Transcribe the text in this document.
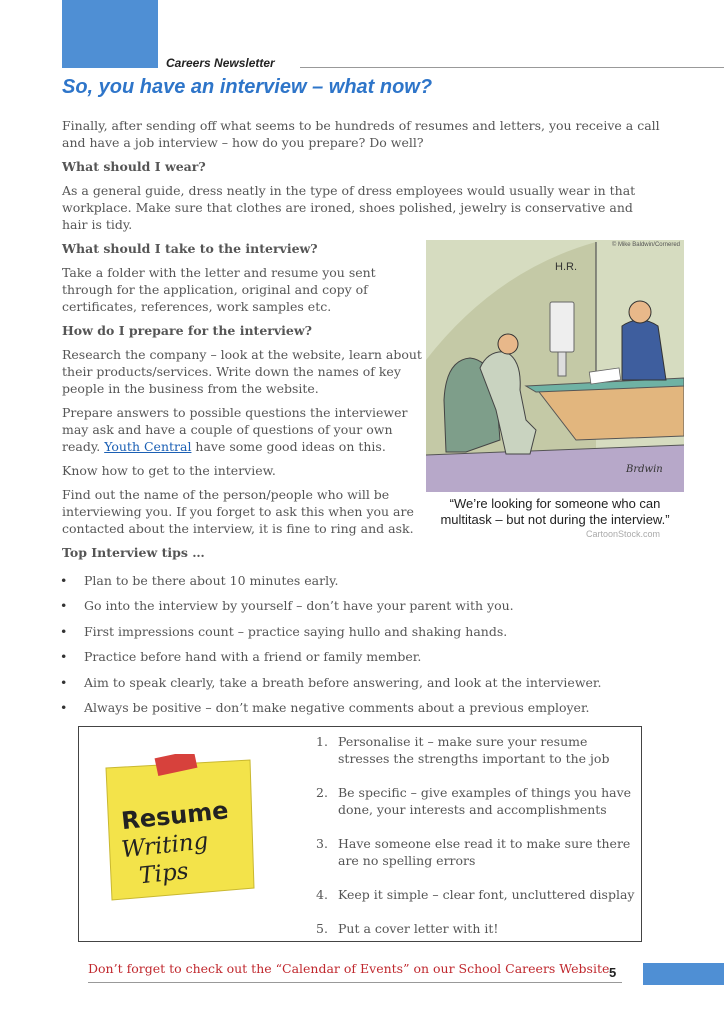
Careers Newsletter
So, you have an interview – what now?

Finally, after sending off what seems to be hundreds of resumes and letters, you receive a call and have a job interview – how do you prepare? Do well?

What should I wear?

As a general guide, dress neatly in the type of dress employees would usually wear in that workplace. Make sure that clothes are ironed, shoes polished, jewelry is conservative and hair is tidy.

What should I take to the interview?

Take a folder with the letter and resume you sent through for the application, original and copy of certificates, references, work samples etc.

How do I prepare for the interview?

Research the company – look at the website, learn about their products/services. Write down the names of key people in the business from the website.

Prepare answers to possible questions the interviewer may ask and have a couple of questions of your own ready. Youth Central have some good ideas on this.

Know how to get to the interview.

Find out the name of the person/people who will be interviewing you. If you forget to ask this when you are contacted about the interview, it is fine to ring and ask.

Top Interview tips …

H.R.
© Mike Baldwin/Cornered
Brdwin
“We’re looking for someone who can
multitask – but not during the interview.”
CartoonStock.com
• Plan to be there about 10 minutes early.
• Go into the interview by yourself – don’t have your parent with you.
• First impressions count – practice saying hullo and shaking hands.
• Practice before hand with a friend or family member.
• Aim to speak clearly, take a breath before answering, and look at the interviewer.
• Always be positive – don’t make negative comments about a previous employer.
Resume
Writing
Tips
1. Personalise it – make sure your resume stresses the strengths important to the job
2. Be specific – give examples of things you have done, your interests and accomplishments
3. Have someone else read it to make sure there are no spelling errors
4. Keep it simple – clear font, uncluttered display
5. Put a cover letter with it!
Don’t forget to check out the “Calendar of Events” on our School Careers Website 5
